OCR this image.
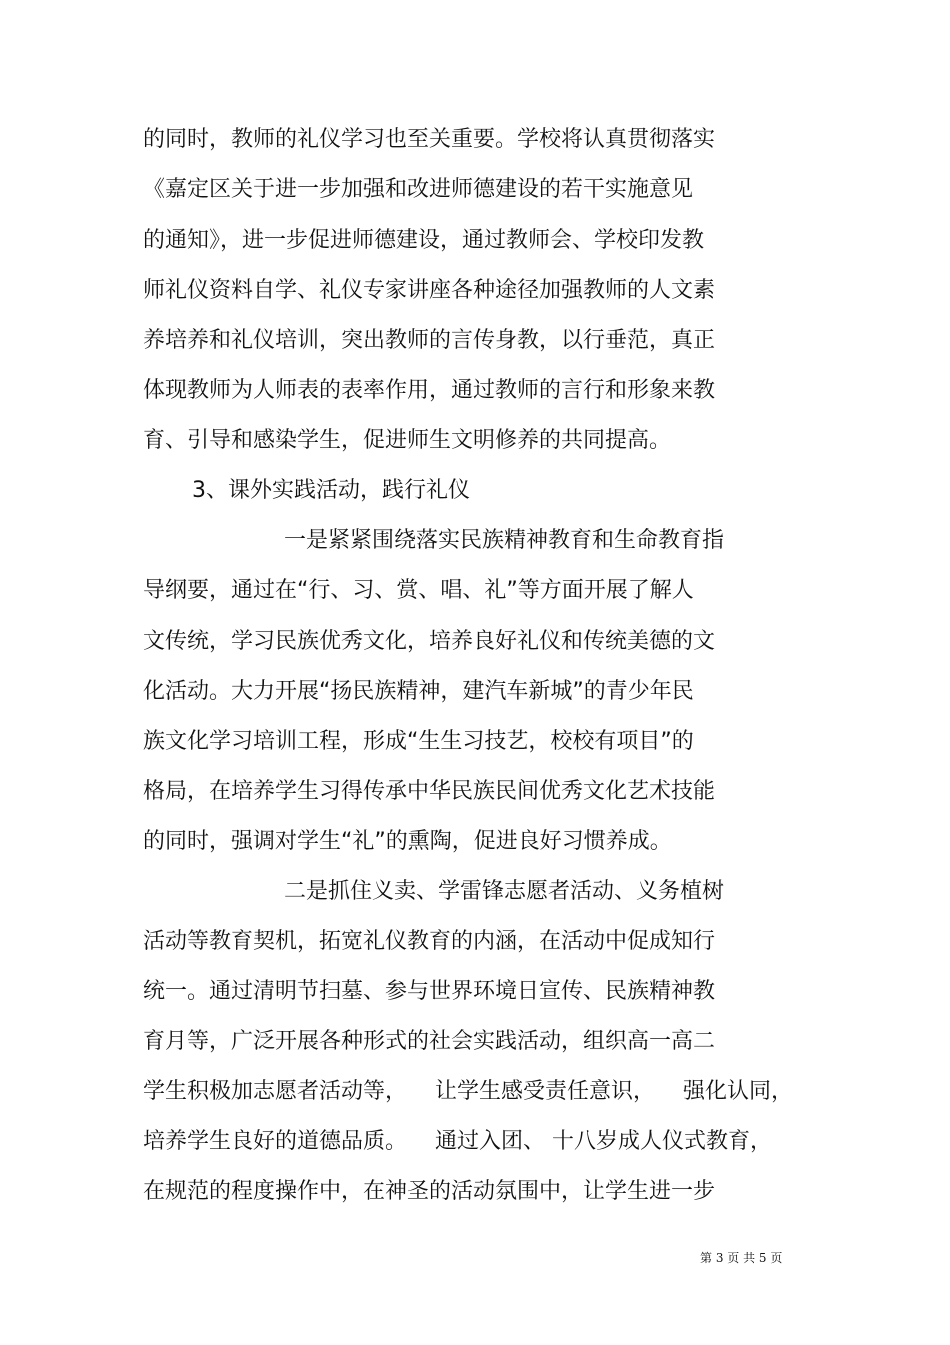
的同时，教师的礼仪学习也至关重要。学校将认真贯彻落实
《嘉定区关于进一步加强和改进师德建设的若干实施意见
的通知》，进一步促进师德建设，通过教师会、学校印发教
师礼仪资料自学、礼仪专家讲座各种途径加强教师的人文素
养培养和礼仪培训，突出教师的言传身教，以行垂范，真正
体现教师为人师表的表率作用，通过教师的言行和形象来教
育、引导和感染学生，促进师生文明修养的共同提高。
3、课外实践活动，践行礼仪
一是紧紧围绕落实民族精神教育和生命教育指
导纲要，通过在“行、习、赏、唱、礼”等方面开展了解人
文传统，学习民族优秀文化，培养良好礼仪和传统美德的文
化活动。大力开展“扬民族精神，建汽车新城”的青少年民
族文化学习培训工程，形成“生生习技艺，校校有项目”的
格局，在培养学生习得传承中华民族民间优秀文化艺术技能
的同时，强调对学生“礼”的熏陶，促进良好习惯养成。
二是抓住义卖、学雷锋志愿者活动、义务植树
活动等教育契机，拓宽礼仪教育的内涵，在活动中促成知行
统一。通过清明节扫墓、参与世界环境日宣传、民族精神教
育月等，广泛开展各种形式的社会实践活动，组织高一高二
学生积极加志愿者活动等，    让学生感受责任意识，    强化认同，
培养学生良好的道德品质。    通过入团、 十八岁成人仪式教育，
在规范的程度操作中，在神圣的活动氛围中，让学生进一步
第 3 页 共 5 页
